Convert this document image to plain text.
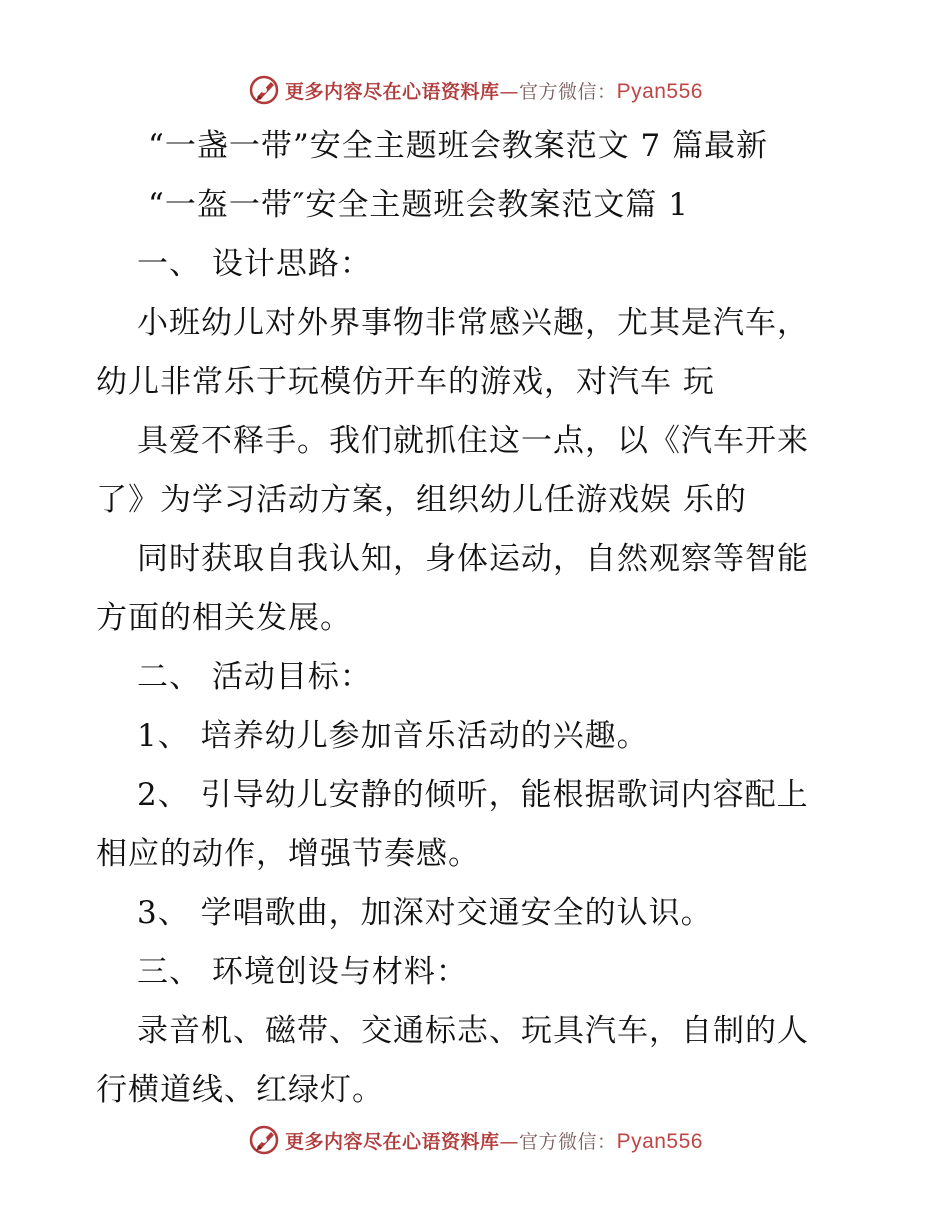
更多内容尽在心语资料库—官方微信：Pyan556
“一盏一带”安全主题班会教案范文 7 篇最新
“一盔一带″安全主题班会教案范文篇 1
一、 设计思路：
小班幼儿对外界事物非常感兴趣，尤其是汽车，
幼儿非常乐于玩模仿开车的游戏，对汽车 玩
具爱不释手。我们就抓住这一点，以《汽车开来
了》为学习活动方案，组织幼儿任游戏娱 乐的
同时获取自我认知，身体运动，自然观察等智能
方面的相关发展。
二、 活动目标：
1、 培养幼儿参加音乐活动的兴趣。
2、 引导幼儿安静的倾听，能根据歌词内容配上
相应的动作，增强节奏感。
3、 学唱歌曲，加深对交通安全的认识。
三、 环境创设与材料：
录音机、磁带、交通标志、玩具汽车，自制的人
行横道线、红绿灯。
更多内容尽在心语资料库—官方微信：Pyan556
